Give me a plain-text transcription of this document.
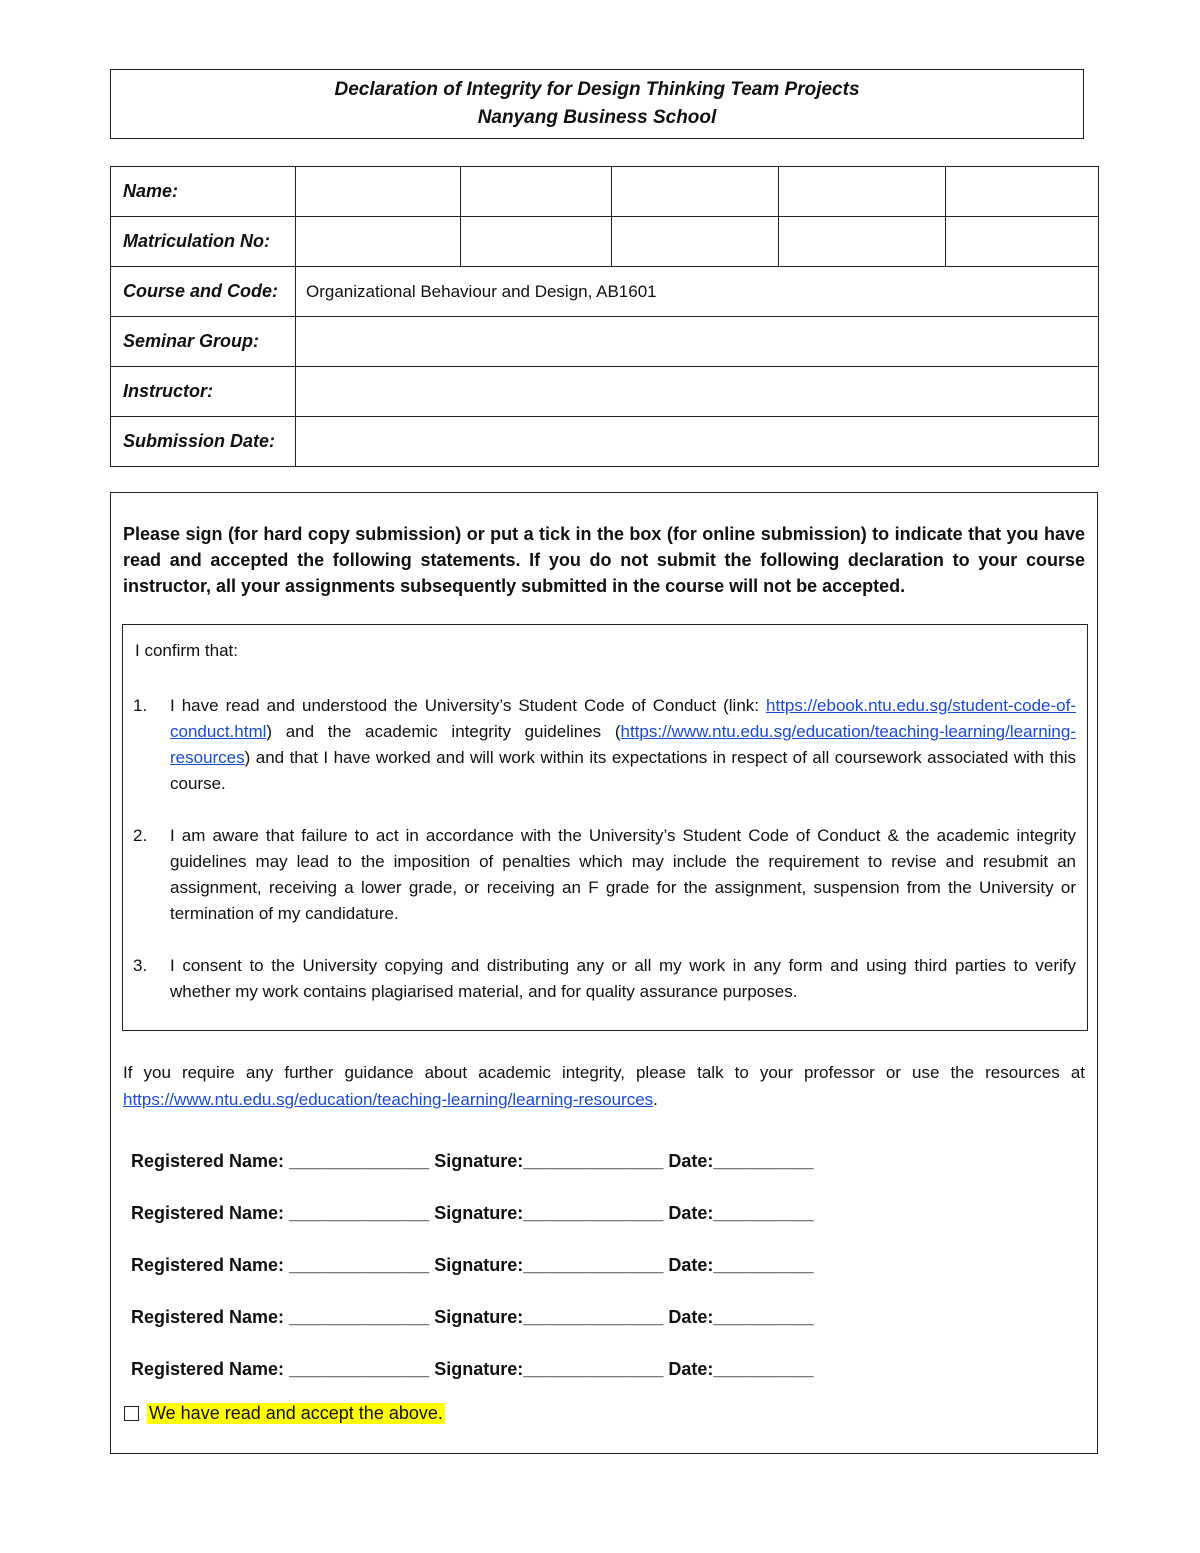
Declaration of Integrity for Design Thinking Team Projects
Nanyang Business School
Name:					
Matriculation No:					
Course and Code:	Organizational Behaviour and Design, AB1601				
Seminar Group:					
Instructor:					
Submission Date:					
Please sign (for hard copy submission) or put a tick in the box (for online submission) to indicate that you have read and accepted the following statements. If you do not submit the following declaration to your course instructor, all your assignments subsequently submitted in the course will not be accepted.
I confirm that:
1. I have read and understood the University’s Student Code of Conduct (link: https://ebook.ntu.edu.sg/student-code-of-conduct.html) and the academic integrity guidelines (https://www.ntu.edu.sg/education/teaching-learning/learning-resources) and that I have worked and will work within its expectations in respect of all coursework associated with this course.
2. I am aware that failure to act in accordance with the University’s Student Code of Conduct & the academic integrity guidelines may lead to the imposition of penalties which may include the requirement to revise and resubmit an assignment, receiving a lower grade, or receiving an F grade for the assignment, suspension from the University or termination of my candidature.
3. I consent to the University copying and distributing any or all my work in any form and using third parties to verify whether my work contains plagiarised material, and for quality assurance purposes.
If you require any further guidance about academic integrity, please talk to your professor or use the resources at https://www.ntu.edu.sg/education/teaching-learning/learning-resources.
Registered Name: ______________ Signature:______________ Date:__________
Registered Name: ______________ Signature:______________ Date:__________
Registered Name: ______________ Signature:______________ Date:__________
Registered Name: ______________ Signature:______________ Date:__________
Registered Name: ______________ Signature:______________ Date:__________
We have read and accept the above.
